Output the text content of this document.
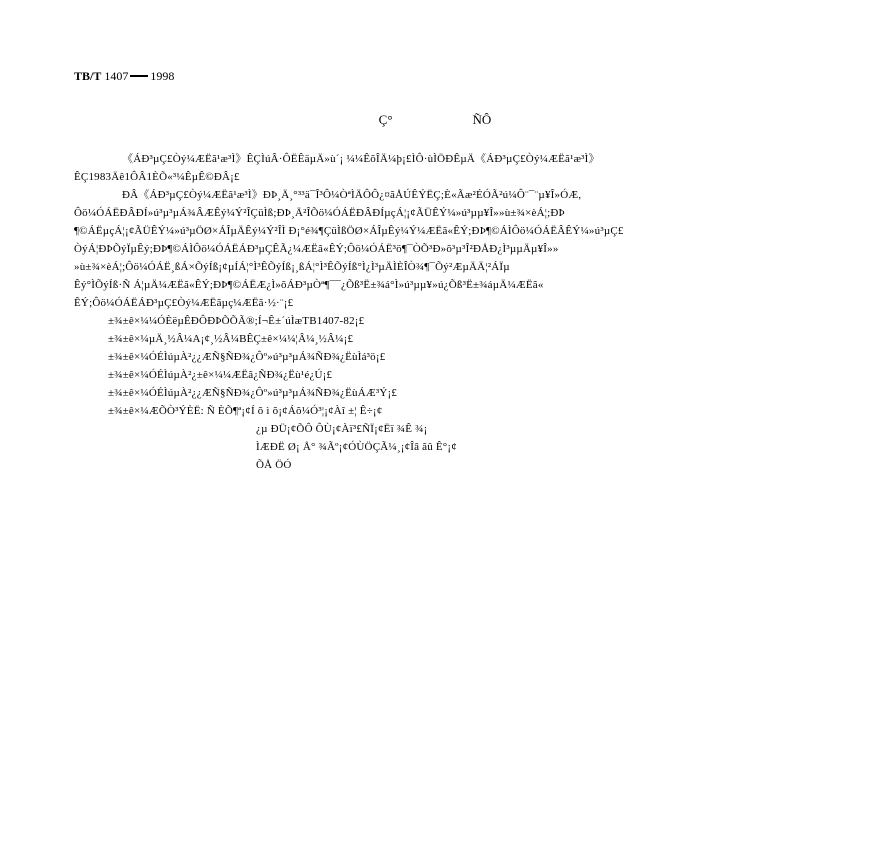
TB/T 1407 1998
Ç°	ÑÔ
《ÁÐ³µÇ£Òý¼ÆËã¹æ³Ì》ÊÇÌúÂ·ÔËÊäµÄ»ù´¡ ¼¼ÊõÎÄ¼þ¡£ÌÔ·ùÌÖÐÊµÄ《ÁÐ³µÇ£Òý¼ÆËã¹æ³Ì》
ÊÇ1983Äê1ÔÂ1ÈÕ«³¼ÊµÊ©ÐÂ¡£
ÐÂ《ÁÐ³µÇ£Òý¼ÆËã¹æ³Ì》ÐÞ¸Ä¸°³³ä¯Î³Ô¼ÒªÌÄÔÔ¿¤ãÅÚÊÝËÇ;È«Ãæ²ÉÓÃ²ú¼Ô¨¯¨µ¥Î»ÓÆ,
Ôö¼ÓÁËÐÂÐÍ»ú³µ³µÁ¾ÂÆÊý¼Ý²ÎÇüÌß;ÐÞ¸Ä²ÎÕö¼ÓÁËÐÂÐÍµçÁ¦¡¢ÃÜÊÝ¼»ú³µµ¥Î»»ù±¾×èÁ¦;ÐÞ
¶©ÁËµçÁ¦¡¢ÃÜÊÝ¼»ú³µÖØ×ÁÎµÄÊý¼Ý²ÎÌ Ð¡°é¾¶ÇüÌßÖØ×ÁÎµÊý¼Ý¼ÆËã«ÊÝ;ÐÞ¶©ÁÌÔö¼ÓÁËÂÊÝ¼»ú³µÇ£
ÒýÁ¦ÐÞÕýÏµÊý;ÐÞ¶©ÁÌÔö¼ÓÁËÁÐ³µÇÊÃ¿¼ÆËã«ÊÝ;Ôö¼ÓÁË³ö¶¯ÒÕ³Ð»õ³µ³Î²ÐÅÐ¿Ì³µµÄµ¥Î»»
»ù±¾×èÁ¦;Ôö¼ÓÁË¸ßÁ×ÕýÍß¡¢µÍÁ¦°Ì³ÊÕýÍß¡¸ßÁ¦°Ì³ÊÕýÍß°Ì¿Ì³µÄÌÈÎÒ¾¶¯Õý²ÆµÄÄ¦²ÁÏµ
Êý°ÌÕýÍß·Ñ Á¦µÄ¼ÆËã«ÊÝ;ÐÞ¶©ÁËÆ¿Ì»õÁÐ³µÒª¶¯¯¿Õß³Ë±¾á°Ì»ú³µµ¥»ú¿Õß³Ë±¾áµÄ¼ÆËã«
ÊÝ;Ôö¼ÓÁËÁÐ³µÇ£Òý¼ÆËãµç¼ÆËã·½·¨¡£
±¾±ê×¼¼ÓÈëµÊÐÔÐÞÕÕÃ®;Í¬Ê±´úÌæTB1407-82¡£
±¾±ê×¼µÄ¸½Â¼A¡¢¸½Â¼BÊÇ±ê×¼¼¦Â¼¸½Â¼¡£
±¾±ê×¼ÓÉÌúµÀ²¿¿ÆÑ§ÑÐ¾¿Ôº»ú³µ³µÁ¾ÑÐ¾¿ËùÌá³ö¡£
±¾±ê×¼ÓÉÌúµÀ²¿±ê×¼¼ÆËã¿ÑÐ¾¿Ëù¹é¿Ú¡£
±¾±ê×¼ÓÉÌúµÀ²¿¿ÆÑ§ÑÐ¾¿Ôº»ú³µ³µÁ¾ÑÐ¾¿ËùÁÆ³Ý¡£
±¾±ê×¼ÆÕÒ³ÝÈË: Ñ ÈÕ¶ª¡¢Í õ ì õ¡¢Áõ¼Ó³¦¡¢Àî ±¦ Ê÷¡¢
¿µ ÐÜ¡¢ÕÔ ÔÙ¡¢Àï³£ÑÏ¡¢Ëï ¾Ê ¾¡
ÌÆÐË Ø¡ Å° ¾Ãº¡¢ÓÙÖÇÃ¼¸¡¢Îâ ãû Ê°¡¢
ÕÅ ÖÓ
